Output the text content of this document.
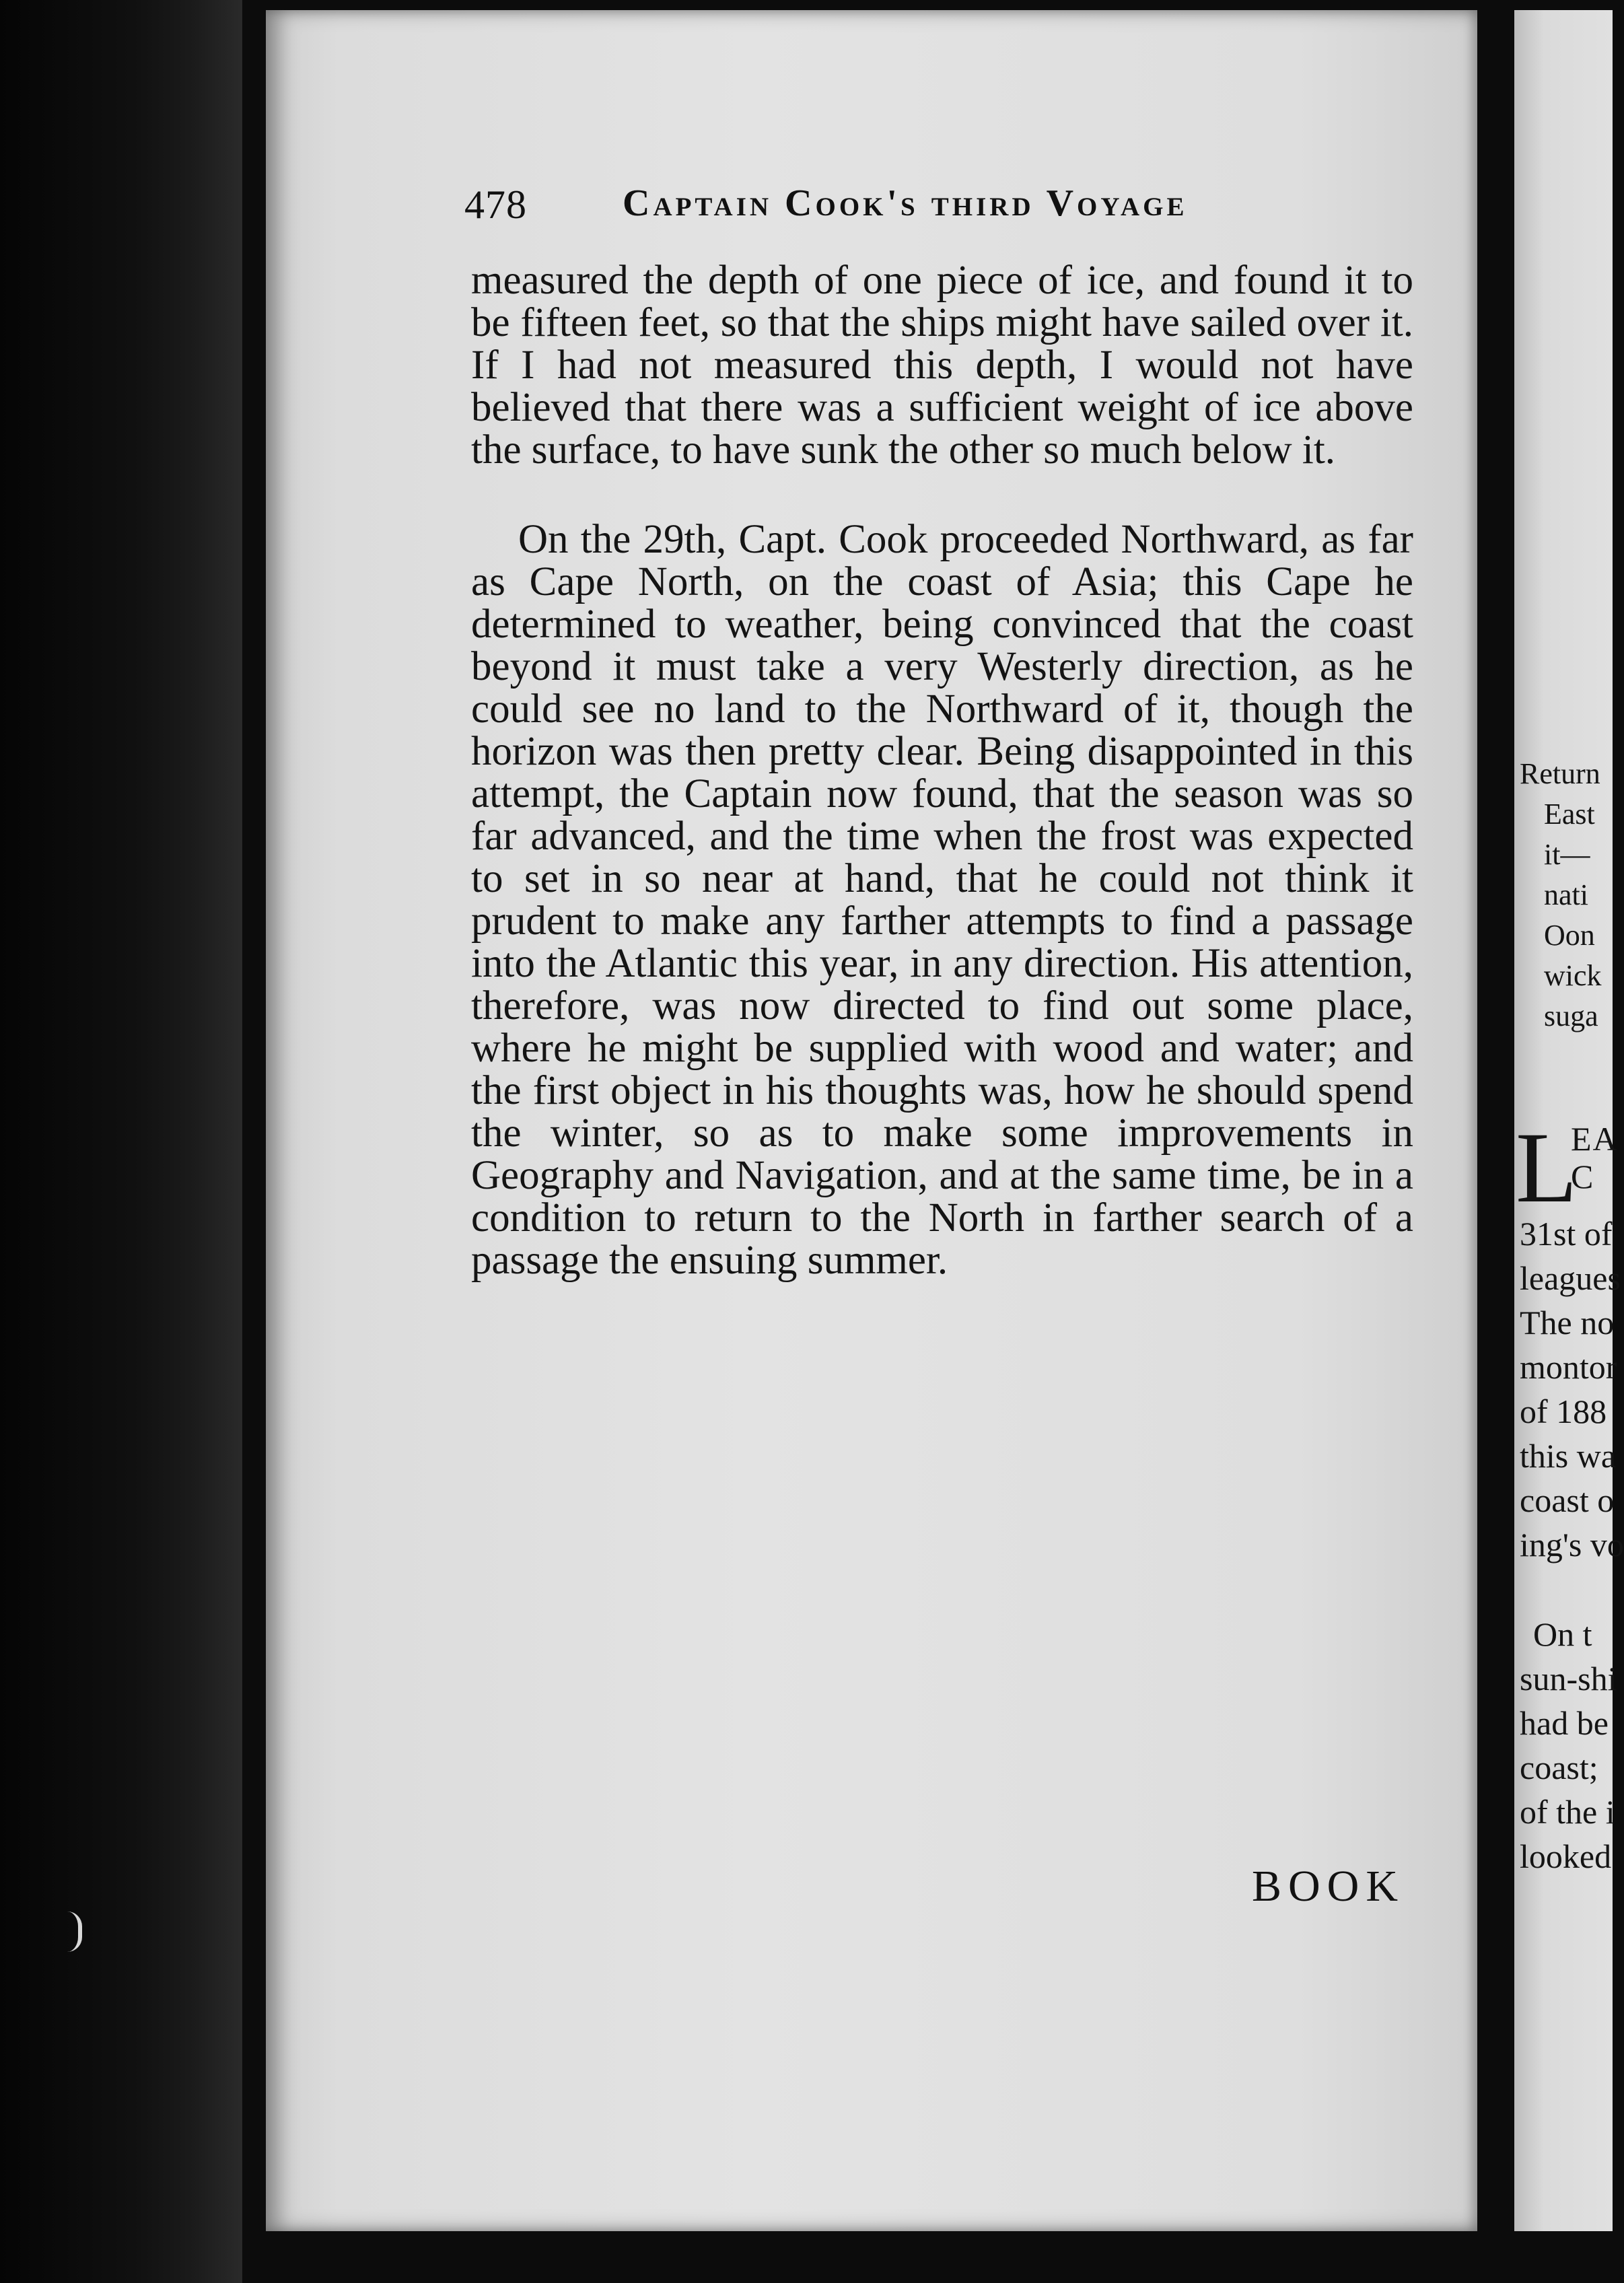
478	Captain Cook's third Voyage

measured the depth of one piece of ice, and found it to be fifteen feet, so that the ships might have sailed over it. If I had not measured this depth, I would not have believed that there was a sufficient weight of ice above the surface, to have sunk the other so much below it.

On the 29th, Capt. Cook proceeded Northward, as far as Cape North, on the coast of Asia; this Cape he determined to weather, being convinced that the coast beyond it must take a very Westerly direction, as he could see no land to the Northward of it, though the horizon was then pretty clear. Being disappointed in this attempt, the Captain now found, that the season was so far advanced, and the time when the frost was expected to set in so near at hand, that he could not think it prudent to make any farther attempts to find a passage into the Atlantic this year, in any direction. His attention, therefore, was now directed to find out some place, where he might be supplied with wood and water; and the first object in his thoughts was, how he should spend the winter, so as to make some improvements in Geography and Navigation, and at the same time, be in a condition to return to the North in farther search of a passage the ensuing summer.

BOOK
Return
East
it—
nati
Oon
wick
suga
L
EA
C
31st of
leagues
The no
montor
of 188
this wa
coast o
ing's vo
On t
sun-shi
had be
coast;
of the i
looked
